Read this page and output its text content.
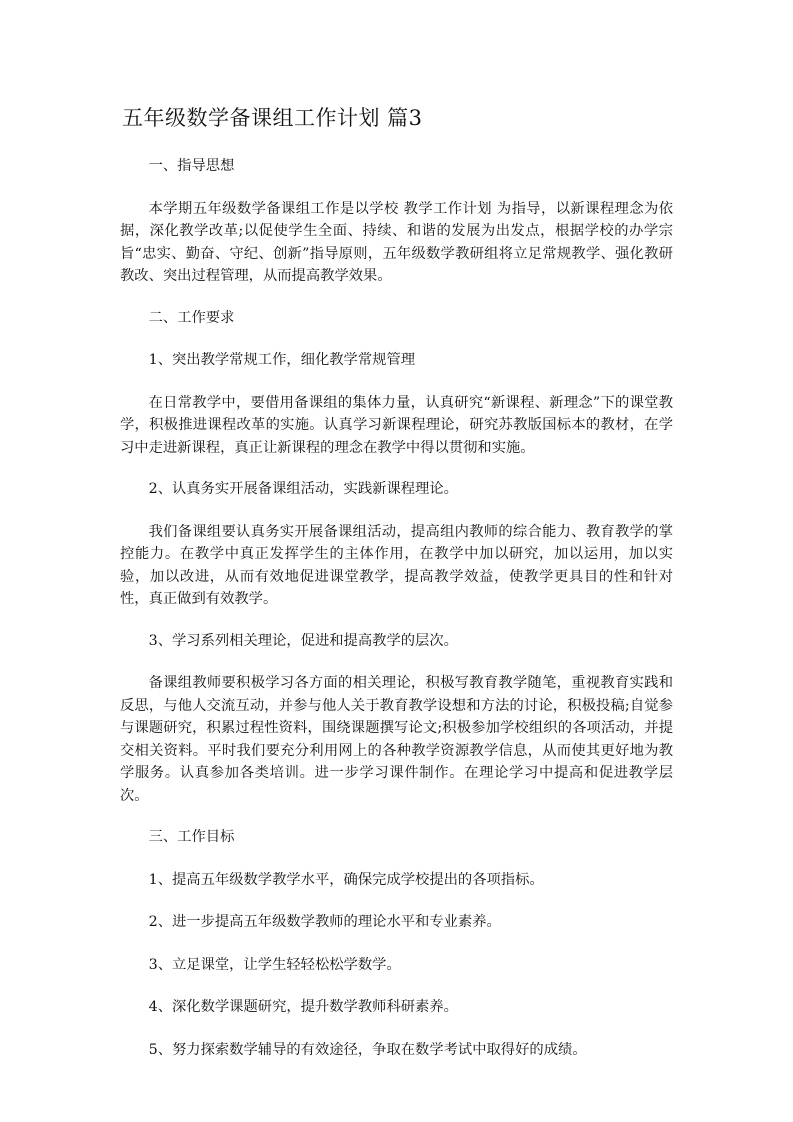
五年级数学备课组工作计划 篇3

一、指导思想

本学期五年级数学备课组工作是以学校 教学工作计划 为指导，以新课程理念为依据，深化教学改革;以促使学生全面、持续、和谐的发展为出发点，根据学校的办学宗旨“忠实、勤奋、守纪、创新”指导原则，五年级数学教研组将立足常规教学、强化教研教改、突出过程管理，从而提高教学效果。

二、工作要求

1、突出教学常规工作，细化教学常规管理

在日常教学中，要借用备课组的集体力量，认真研究“新课程、新理念”下的课堂教学，积极推进课程改革的实施。认真学习新课程理论，研究苏教版国标本的教材，在学习中走进新课程，真正让新课程的理念在教学中得以贯彻和实施。

2、认真务实开展备课组活动，实践新课程理论。

我们备课组要认真务实开展备课组活动，提高组内教师的综合能力、教育教学的掌控能力。在教学中真正发挥学生的主体作用，在教学中加以研究，加以运用，加以实验，加以改进，从而有效地促进课堂教学，提高教学效益，使教学更具目的性和针对性，真正做到有效教学。

3、学习系列相关理论，促进和提高教学的层次。

备课组教师要积极学习各方面的相关理论，积极写教育教学随笔，重视教育实践和反思，与他人交流互动，并参与他人关于教育教学设想和方法的讨论，积极投稿;自觉参与课题研究，积累过程性资料，围绕课题撰写论文;积极参加学校组织的各项活动，并提交相关资料。平时我们要充分利用网上的各种教学资源教学信息，从而使其更好地为教学服务。认真参加各类培训。进一步学习课件制作。在理论学习中提高和促进教学层次。

三、工作目标

1、提高五年级数学教学水平，确保完成学校提出的各项指标。

2、进一步提高五年级数学教师的理论水平和专业素养。

3、立足课堂，让学生轻轻松松学数学。

4、深化数学课题研究，提升数学教师科研素养。

5、努力探索数学辅导的有效途径，争取在数学考试中取得好的成绩。
